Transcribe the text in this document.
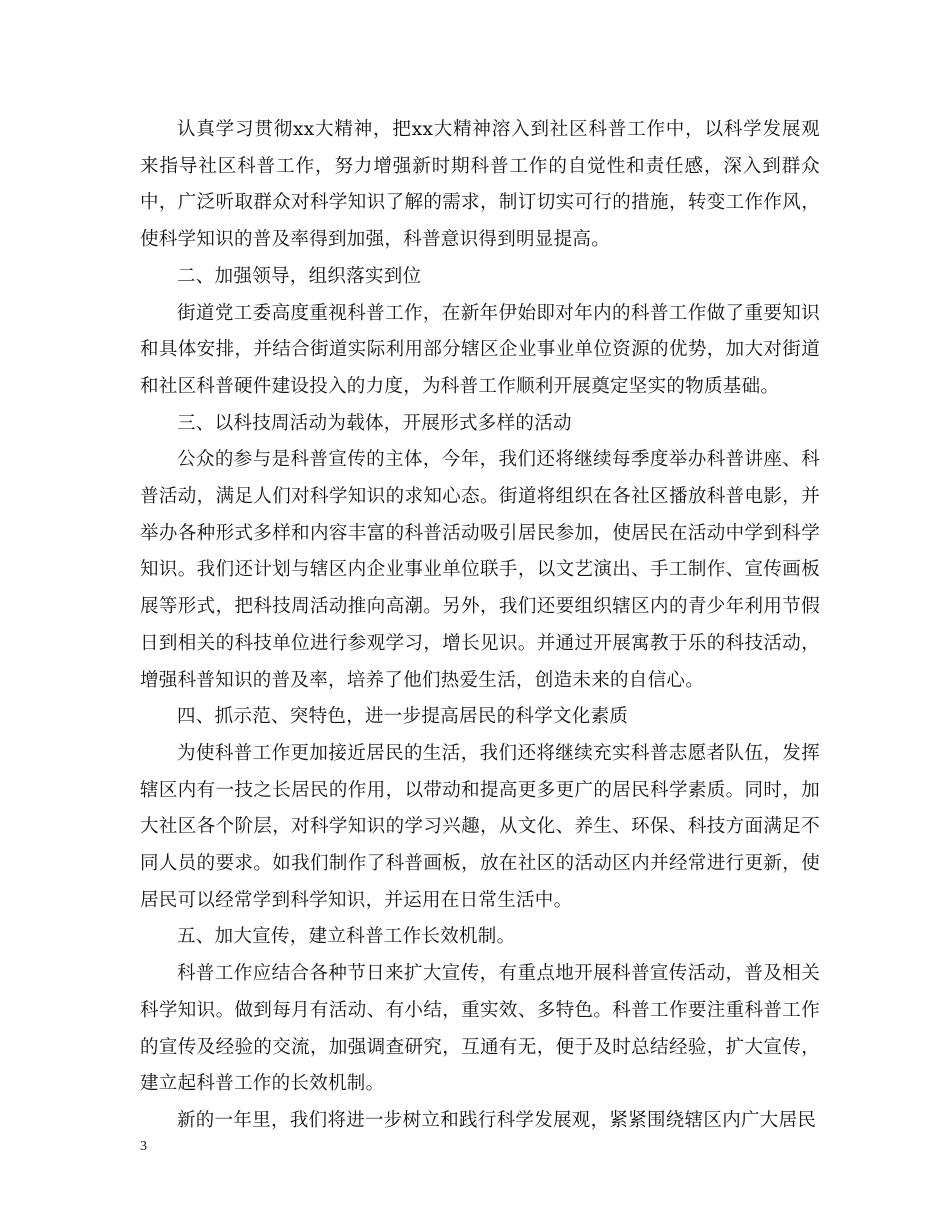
认真学习贯彻xx大精神，把xx大精神溶入到社区科普工作中，以科学发展观来指导社区科普工作，努力增强新时期科普工作的自觉性和责任感，深入到群众中，广泛听取群众对科学知识了解的需求，制订切实可行的措施，转变工作作风，使科学知识的普及率得到加强，科普意识得到明显提高。

二、加强领导，组织落实到位

街道党工委高度重视科普工作，在新年伊始即对年内的科普工作做了重要知识和具体安排，并结合街道实际利用部分辖区企业事业单位资源的优势，加大对街道和社区科普硬件建设投入的力度，为科普工作顺利开展奠定坚实的物质基础。

三、以科技周活动为载体，开展形式多样的活动

公众的参与是科普宣传的主体，今年，我们还将继续每季度举办科普讲座、科普活动，满足人们对科学知识的求知心态。街道将组织在各社区播放科普电影，并举办各种形式多样和内容丰富的科普活动吸引居民参加，使居民在活动中学到科学知识。我们还计划与辖区内企业事业单位联手，以文艺演出、手工制作、宣传画板展等形式，把科技周活动推向高潮。另外，我们还要组织辖区内的青少年利用节假日到相关的科技单位进行参观学习，增长见识。并通过开展寓教于乐的科技活动，增强科普知识的普及率，培养了他们热爱生活，创造未来的自信心。

四、抓示范、突特色，进一步提高居民的科学文化素质

为使科普工作更加接近居民的生活，我们还将继续充实科普志愿者队伍，发挥辖区内有一技之长居民的作用，以带动和提高更多更广的居民科学素质。同时，加大社区各个阶层，对科学知识的学习兴趣，从文化、养生、环保、科技方面满足不同人员的要求。如我们制作了科普画板，放在社区的活动区内并经常进行更新，使居民可以经常学到科学知识，并运用在日常生活中。

五、加大宣传，建立科普工作长效机制。

科普工作应结合各种节日来扩大宣传，有重点地开展科普宣传活动，普及相关科学知识。做到每月有活动、有小结，重实效、多特色。科普工作要注重科普工作的宣传及经验的交流，加强调查研究，互通有无，便于及时总结经验，扩大宣传，建立起科普工作的长效机制。

新的一年里，我们将进一步树立和践行科学发展观，紧紧围绕辖区内广大居民

3
